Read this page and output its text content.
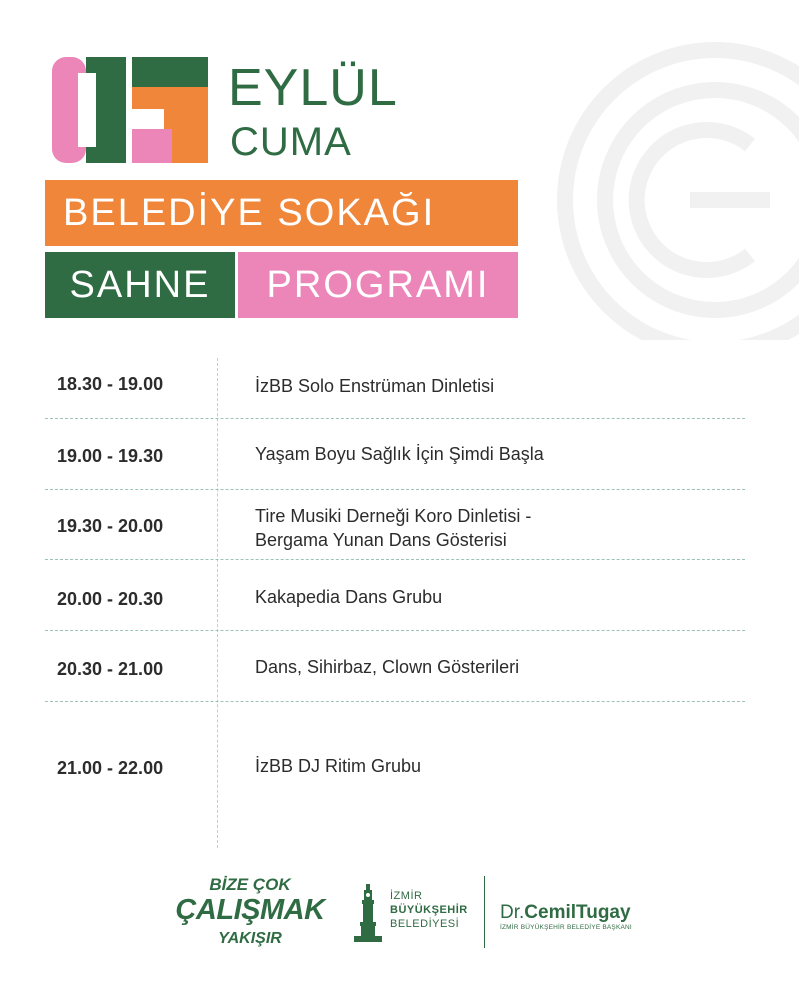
EYLÜL
CUMA
BELEDİYE SOKAĞI
SAHNE	PROGRAMI
18.30 - 19.00	İzBB Solo Enstrüman Dinletisi
19.00 - 19.30	Yaşam Boyu Sağlık İçin Şimdi Başla
19.30 - 20.00	Tire Musiki Derneği Koro Dinletisi -
Bergama Yunan Dans Gösterisi
20.00 - 20.30	Kakapedia Dans Grubu
20.30 - 21.00	Dans, Sihirbaz, Clown Gösterileri
21.00 - 22.00	İzBB DJ Ritim Grubu
BİZE ÇOK
ÇALIŞMAK
YAKIŞIR
İZMİR
BÜYÜKŞEHİR
BELEDİYESİ
Dr.CemilTugay
İZMİR BÜYÜKŞEHİR BELEDİYE BAŞKANI
